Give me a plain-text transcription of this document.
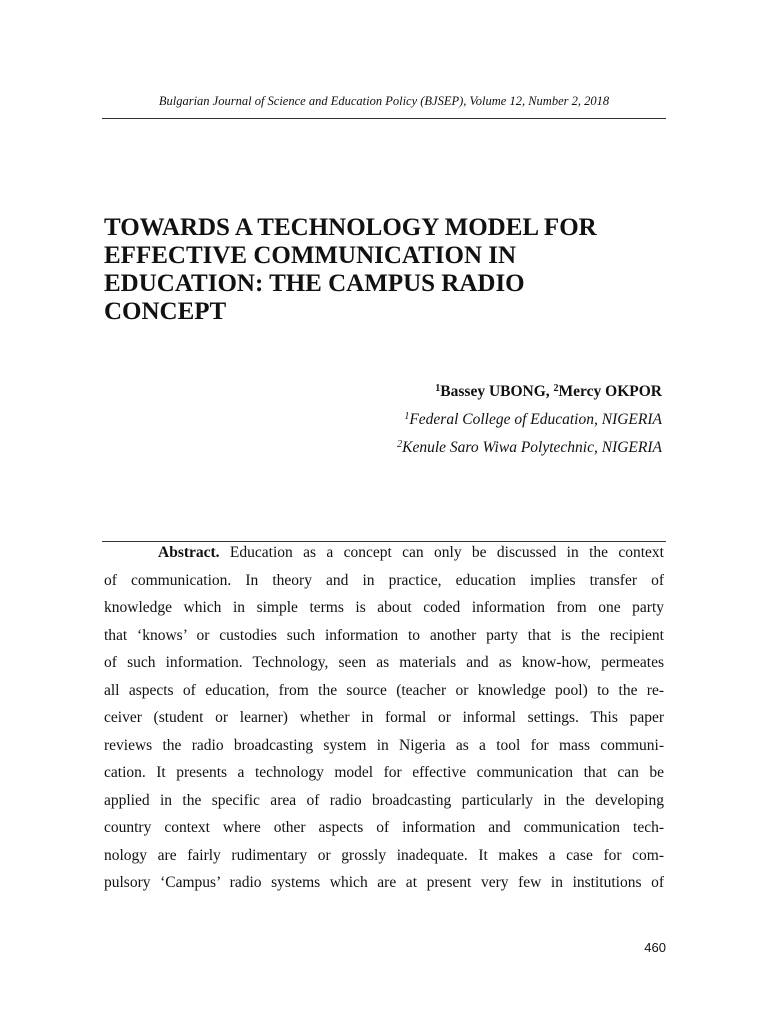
Bulgarian Journal of Science and Education Policy (BJSEP), Volume 12, Number 2, 2018
TOWARDS A TECHNOLOGY MODEL FOR
EFFECTIVE COMMUNICATION IN
EDUCATION: THE CAMPUS RADIO
CONCEPT
$^1$Bassey UBONG, $^2$Mercy OKPOR
$^1$Federal College of Education, NIGERIA
$^2$Kenule Saro Wiwa Polytechnic, NIGERIA
Abstract. Education as a concept can only be discussed in the context
of communication. In theory and in practice, education implies transfer of
knowledge which in simple terms is about coded information from one party
that ‘knows’ or custodies such information to another party that is the recipient
of such information. Technology, seen as materials and as know-how, permeates
all aspects of education, from the source (teacher or knowledge pool) to the re-
ceiver (student or learner) whether in formal or informal settings. This paper
reviews the radio broadcasting system in Nigeria as a tool for mass communi-
cation. It presents a technology model for effective communication that can be
applied in the specific area of radio broadcasting particularly in the developing
country context where other aspects of information and communication tech-
nology are fairly rudimentary or grossly inadequate. It makes a case for com-
pulsory ‘Campus’ radio systems which are at present very few in institutions of
460
